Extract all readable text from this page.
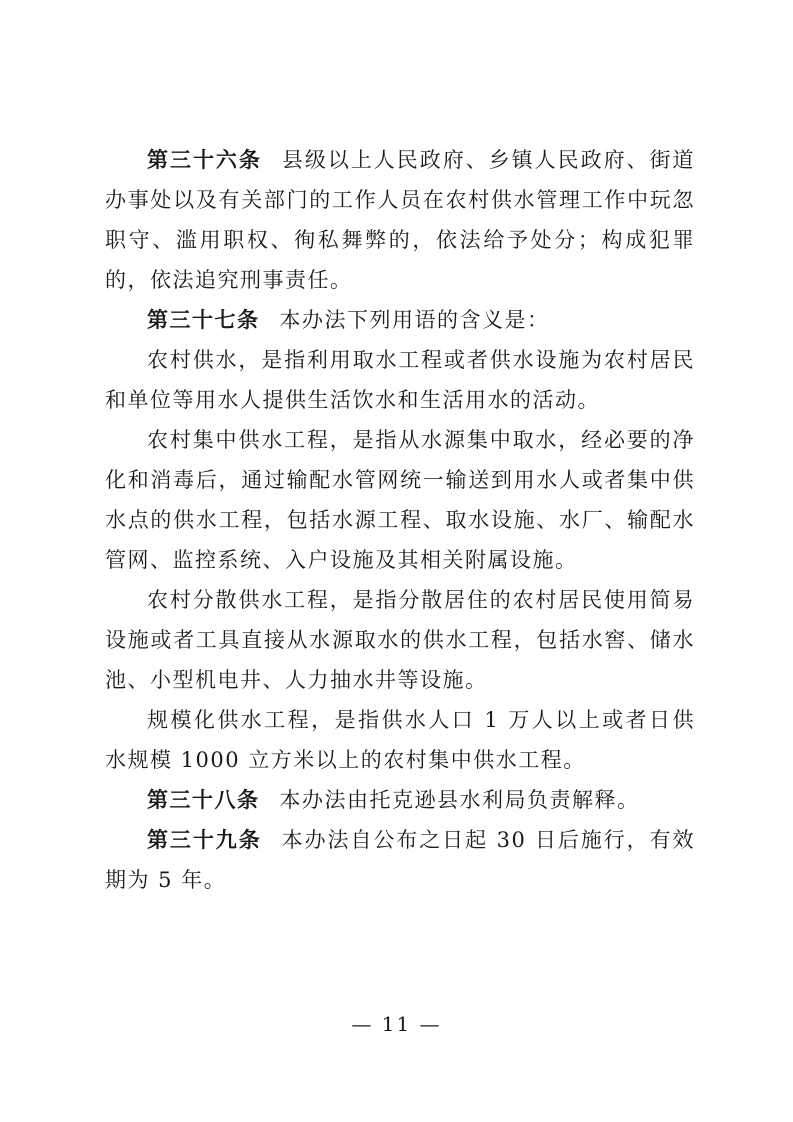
第三十六条 县级以上人民政府、乡镇人民政府、街道办事处以及有关部门的工作人员在农村供水管理工作中玩忽职守、滥用职权、徇私舞弊的，依法给予处分；构成犯罪的，依法追究刑事责任。

第三十七条 本办法下列用语的含义是：

农村供水，是指利用取水工程或者供水设施为农村居民和单位等用水人提供生活饮水和生活用水的活动。

农村集中供水工程，是指从水源集中取水，经必要的净化和消毒后，通过输配水管网统一输送到用水人或者集中供水点的供水工程，包括水源工程、取水设施、水厂、输配水管网、监控系统、入户设施及其相关附属设施。

农村分散供水工程，是指分散居住的农村居民使用简易设施或者工具直接从水源取水的供水工程，包括水窖、储水池、小型机电井、人力抽水井等设施。

规模化供水工程，是指供水人口 1 万人以上或者日供水规模 1000 立方米以上的农村集中供水工程。

第三十八条 本办法由托克逊县水利局负责解释。

第三十九条 本办法自公布之日起 30 日后施行，有效期为 5 年。

— 11 —
